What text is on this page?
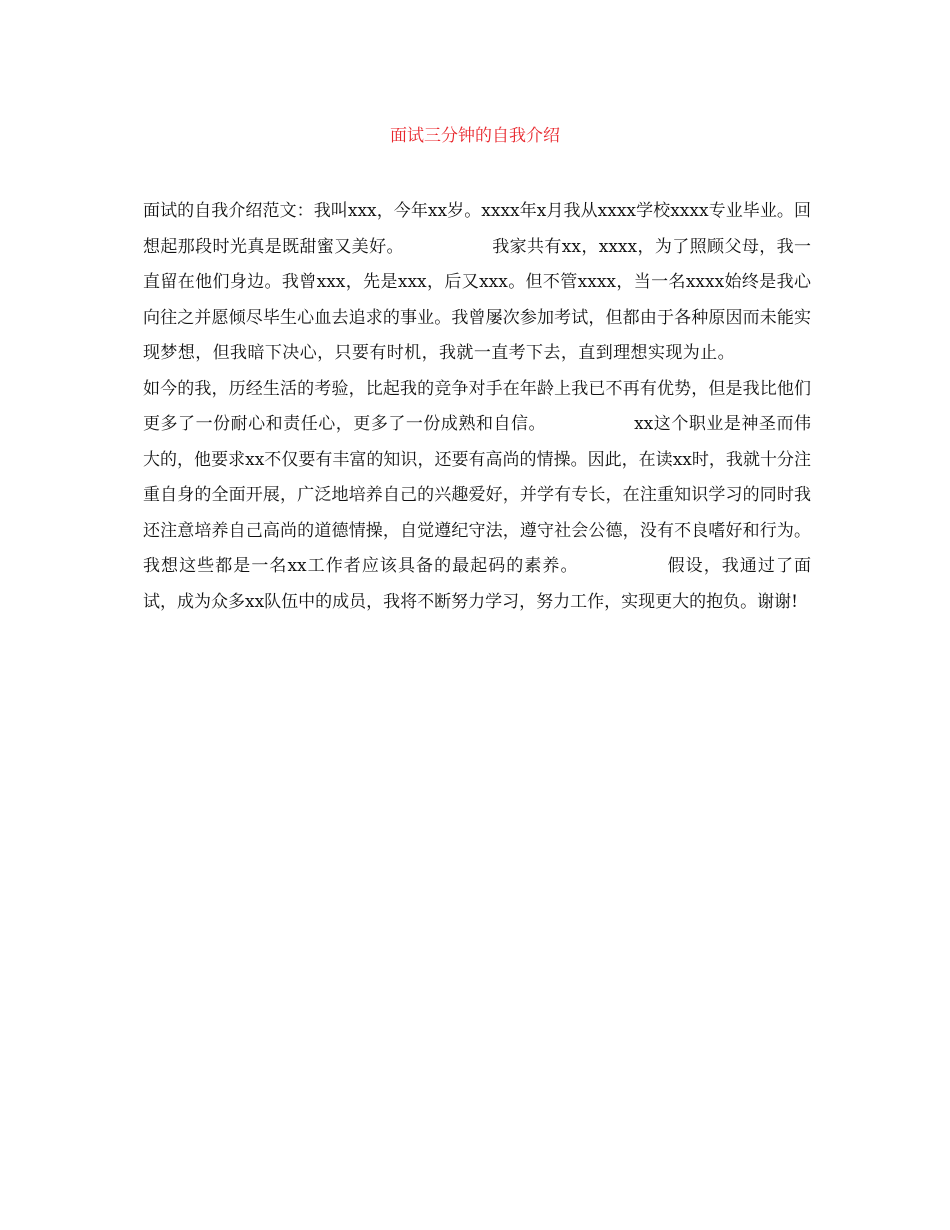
面试三分钟的自我介绍

面试的自我介绍范文：我叫xxx，今年xx岁。xxxx年x月我从xxxx学校xxxx专业毕业。回想起那段时光真是既甜蜜又美好。	我家共有xx，xxxx，为了照顾父母，我一直留在他们身边。我曾xxx，先是xxx，后又xxx。但不管xxxx，当一名xxxx始终是我心向往之并愿倾尽毕生心血去追求的事业。我曾屡次参加考试，但都由于各种原因而未能实现梦想，但我暗下决心，只要有时机，我就一直考下去，直到理想实现为止。如今的我，历经生活的考验，比起我的竞争对手在年龄上我已不再有优势，但是我比他们更多了一份耐心和责任心，更多了一份成熟和自信。	xx这个职业是神圣而伟大的，他要求xx不仅要有丰富的知识，还要有高尚的情操。因此，在读xx时，我就十分注重自身的全面开展，广泛地培养自己的兴趣爱好，并学有专长，在注重知识学习的同时我还注意培养自己高尚的道德情操，自觉遵纪守法，遵守社会公德，没有不良嗜好和行为。我想这些都是一名xx工作者应该具备的最起码的素养。	假设，我通过了面试，成为众多xx队伍中的成员，我将不断努力学习，努力工作，实现更大的抱负。谢谢!
